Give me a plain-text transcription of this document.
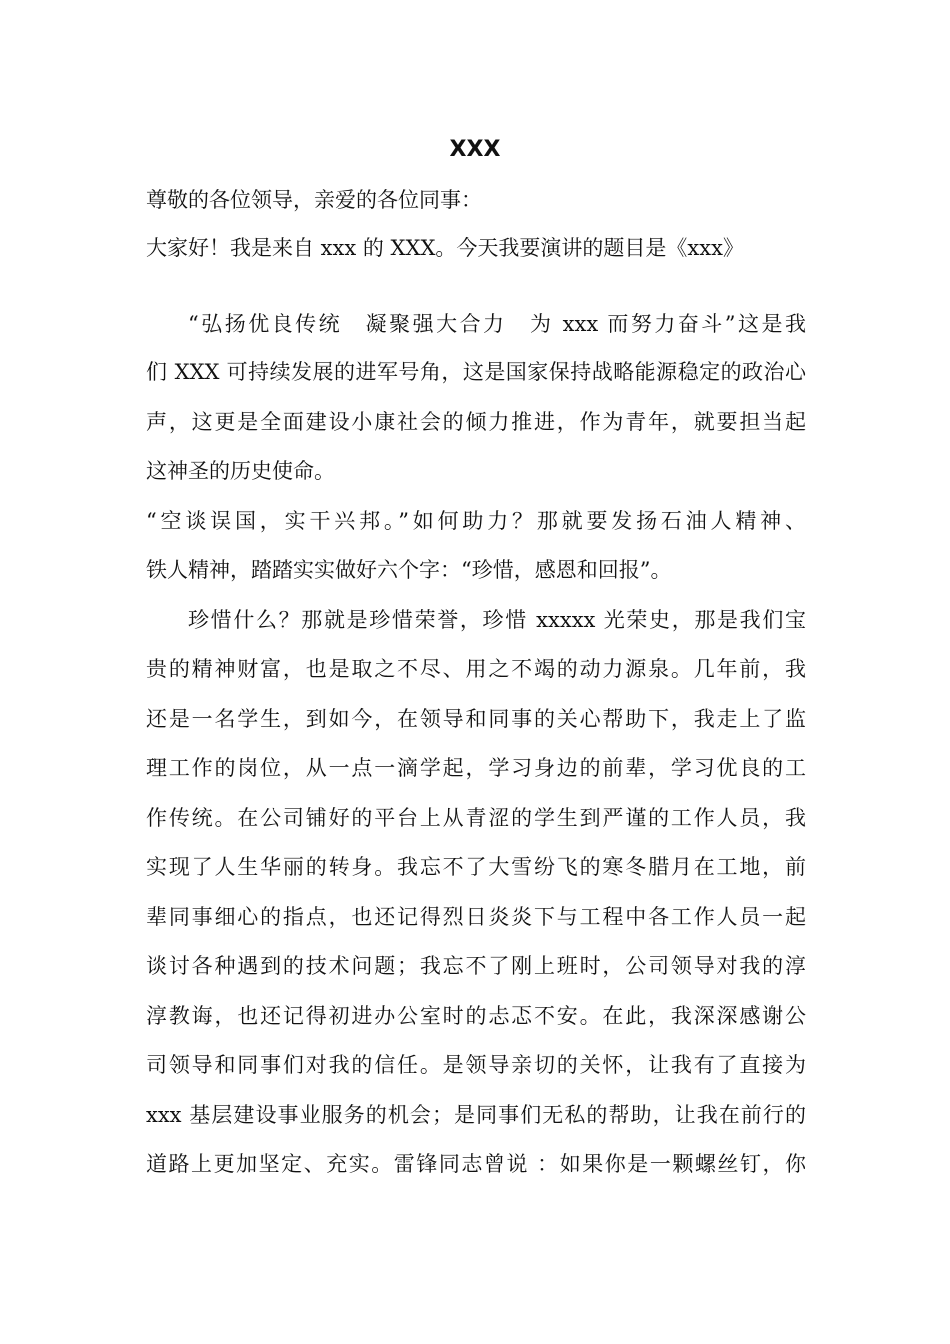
XXX

尊敬的各位领导，亲爱的各位同事：

大家好！我是来自 xxx 的 XXX。今天我要演讲的题目是《xxx》

“弘扬优良传统　凝聚强大合力　为 xxx 而努力奋斗”这是我

们 XXX 可持续发展的进军号角，这是国家保持战略能源稳定的政治心

声，这更是全面建设小康社会的倾力推进，作为青年，就要担当起

这神圣的历史使命。

“空谈误国，实干兴邦。”如何助力？那就要发扬石油人精神、

铁人精神，踏踏实实做好六个字：“珍惜，感恩和回报”。

珍惜什么？那就是珍惜荣誉，珍惜 xxxxx 光荣史，那是我们宝

贵的精神财富，也是取之不尽、用之不竭的动力源泉。几年前，我

还是一名学生，到如今，在领导和同事的关心帮助下，我走上了监

理工作的岗位，从一点一滴学起，学习身边的前辈，学习优良的工

作传统。在公司铺好的平台上从青涩的学生到严谨的工作人员，我

实现了人生华丽的转身。我忘不了大雪纷飞的寒冬腊月在工地，前

辈同事细心的指点，也还记得烈日炎炎下与工程中各工作人员一起

谈讨各种遇到的技术问题；我忘不了刚上班时，公司领导对我的淳

淳教诲，也还记得初进办公室时的忐忑不安。在此，我深深感谢公

司领导和同事们对我的信任。是领导亲切的关怀，让我有了直接为

xxx 基层建设事业服务的机会；是同事们无私的帮助，让我在前行的

道路上更加坚定、充实。雷锋同志曾说 ：如果你是一颗螺丝钉，你
